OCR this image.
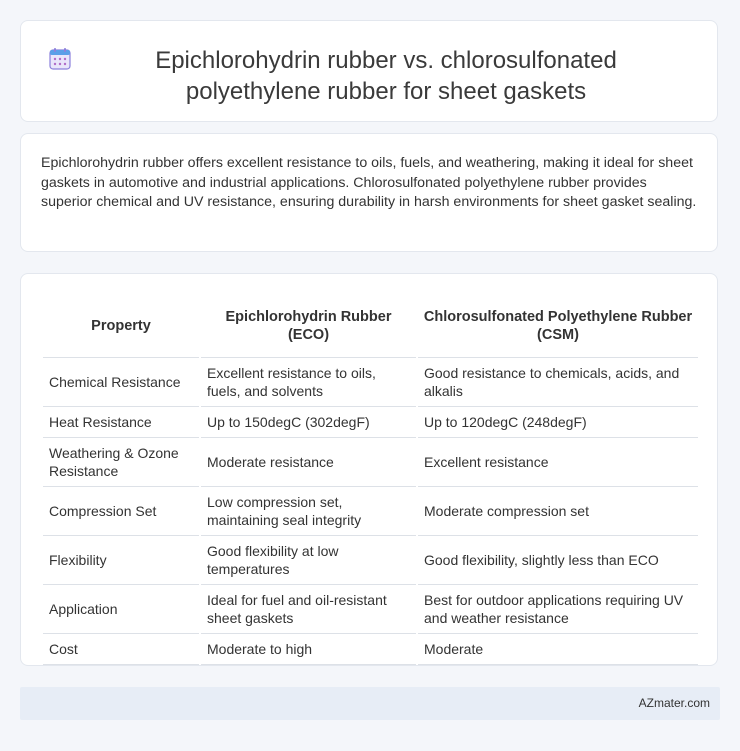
Epichlorohydrin rubber vs. chlorosulfonated polyethylene rubber for sheet gaskets

Epichlorohydrin rubber offers excellent resistance to oils, fuels, and weathering, making it ideal for sheet gaskets in automotive and industrial applications. Chlorosulfonated polyethylene rubber provides superior chemical and UV resistance, ensuring durability in harsh environments for sheet gasket sealing.

Property	Epichlorohydrin Rubber (ECO)	Chlorosulfonated Polyethylene Rubber (CSM)
Chemical Resistance	Excellent resistance to oils, fuels, and solvents	Good resistance to chemicals, acids, and alkalis
Heat Resistance	Up to 150degC (302degF)	Up to 120degC (248degF)
Weathering & Ozone Resistance	Moderate resistance	Excellent resistance
Compression Set	Low compression set, maintaining seal integrity	Moderate compression set
Flexibility	Good flexibility at low temperatures	Good flexibility, slightly less than ECO
Application	Ideal for fuel and oil-resistant sheet gaskets	Best for outdoor applications requiring UV and weather resistance
Cost	Moderate to high	Moderate
AZmater.com
